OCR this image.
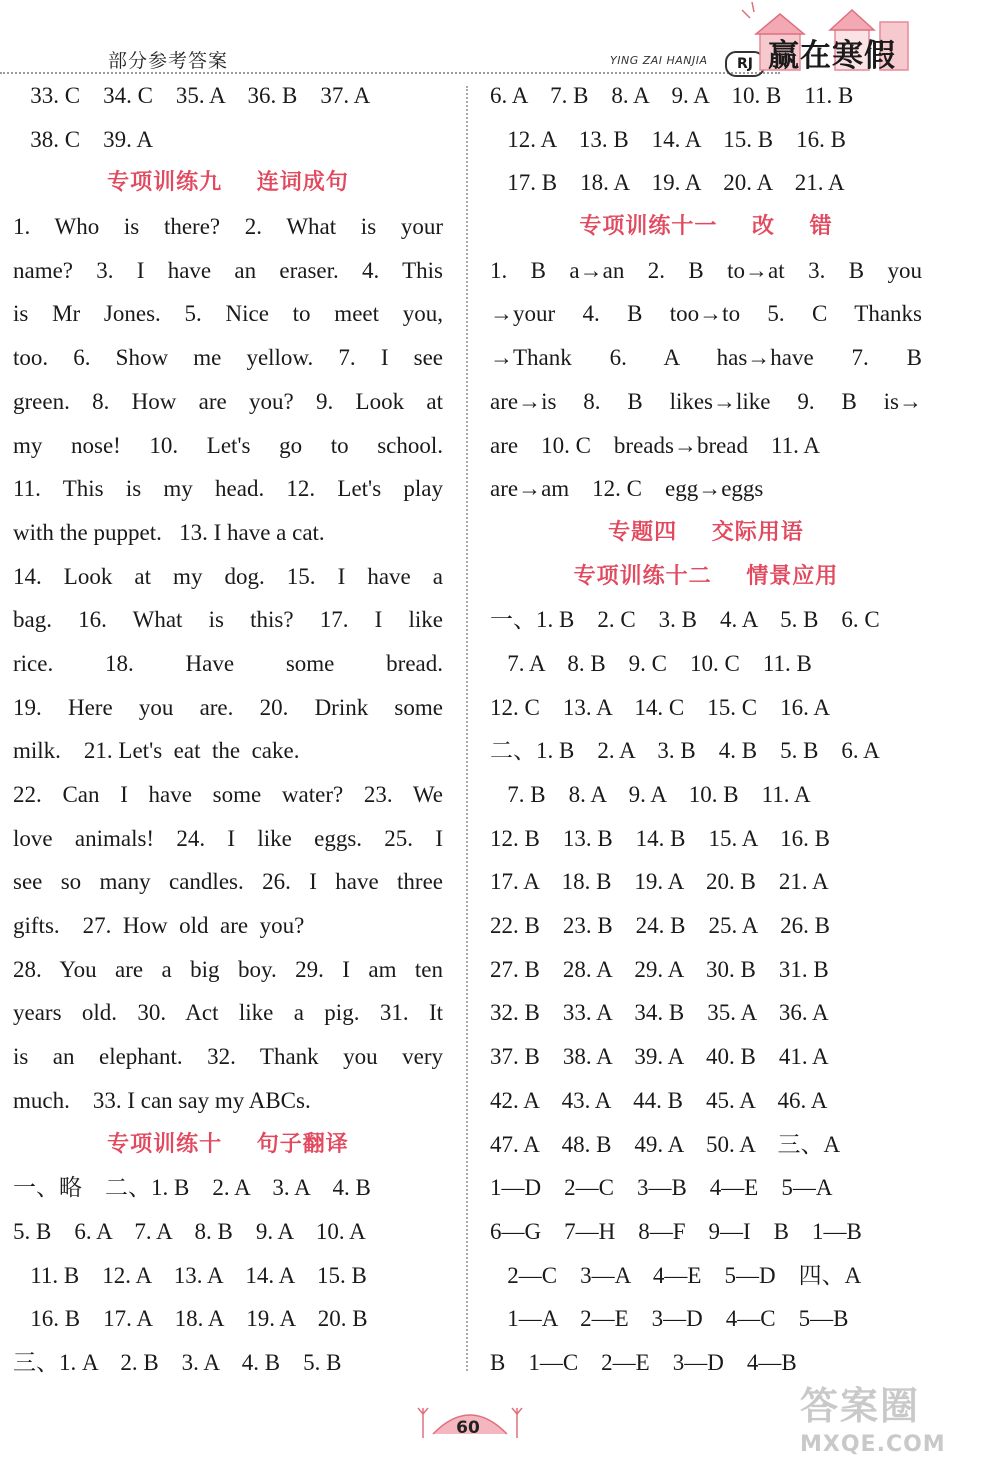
部分参考答案	YING ZAI HANJIA	RJ 赢在寒假
33. C    34. C    35. A    36. B    37. A
38. C    39. A
专项训练九    连词成句
1. Who is there? 2. What is your
name? 3. I have an eraser. 4. This
is Mr Jones. 5. Nice to meet you,
too. 6. Show me yellow. 7. I see
green. 8. How are you? 9. Look at
my nose! 10. Let's go to school.
11. This is my head. 12. Let's play
with the puppet.   13. I have a cat.
14. Look at my dog. 15. I have a
bag. 16. What is this? 17. I like
rice. 18. Have some bread.
19. Here you are. 20. Drink some
milk.    21. Let's  eat  the  cake.
22. Can I have some water? 23. We
love animals! 24. I like eggs. 25. I
see so many candles. 26. I have three
gifts.    27.  How  old  are  you?
28. You are a big boy. 29. I am ten
years old. 30. Act like a pig. 31. It
is an elephant. 32. Thank you very
much.    33. I can say my ABCs.
专项训练十    句子翻译
一、略    二、1. B    2. A    3. A    4. B
5. B    6. A    7. A    8. B    9. A    10. A
11. B    12. A    13. A    14. A    15. B
16. B    17. A    18. A    19. A    20. B
三、1. A    2. B    3. A    4. B    5. B
6. A    7. B    8. A    9. A    10. B    11. B
12. A    13. B    14. A    15. B    16. B
17. B    18. A    19. A    20. A    21. A
专项训练十一    改    错
1. B a→an 2. B to→at 3. B you
→your 4. B too→to 5. C Thanks
→Thank 6. A has→have 7. B
are→is 8. B likes→like 9. B is→
are    10. C    breads→bread    11. A
are→am    12. C    egg→eggs
专题四    交际用语
专项训练十二    情景应用
一、1. B    2. C    3. B    4. A    5. B    6. C
7. A    8. B    9. C    10. C    11. B
12. C    13. A    14. C    15. C    16. A
二、1. B    2. A    3. B    4. B    5. B    6. A
7. B    8. A    9. A    10. B    11. A
12. B    13. B    14. B    15. A    16. B
17. A    18. B    19. A    20. B    21. A
22. B    23. B    24. B    25. A    26. B
27. B    28. A    29. A    30. B    31. B
32. B    33. A    34. B    35. A    36. A
37. B    38. A    39. A    40. B    41. A
42. A    43. A    44. B    45. A    46. A
47. A    48. B    49. A    50. A    三、A
1—D    2—C    3—B    4—E    5—A
6—G    7—H    8—F    9—I    B    1—B
2—C    3—A    4—E    5—D    四、A
1—A    2—E    3—D    4—C    5—B
B    1—C    2—E    3—D    4—B
60	答案圈
MXQE.COM
